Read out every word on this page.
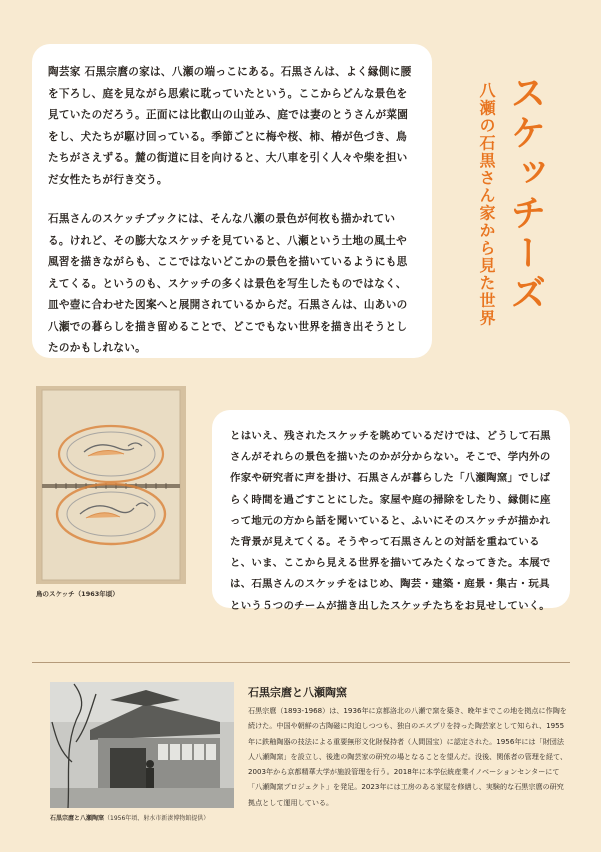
陶芸家 石黒宗麿の家は、八瀬の端っこにある。石黒さんは、よく縁側に腰を下ろし、庭を見ながら思索に耽っていたという。ここからどんな景色を見ていたのだろう。正面には比叡山の山並み、庭では妻のとうさんが菜園をし、犬たちが駆け回っている。季節ごとに梅や桜、柿、椿が色づき、鳥たちがさえずる。麓の街道に目を向けると、大八車を引く人々や柴を担いだ女性たちが行き交う。

石黒さんのスケッチブックには、そんな八瀬の景色が何枚も描かれている。けれど、その膨大なスケッチを見ていると、八瀬という土地の風土や風習を描きながらも、ここではないどこかの景色を描いているようにも思えてくる。というのも、スケッチの多くは景色を写生したものではなく、皿や壺に合わせた図案へと展開されているからだ。石黒さんは、山あいの八瀬での暮らしを描き留めることで、どこでもない世界を描き出そうとしたのかもしれない。

八瀬の石黒さん家から見た世界 スケッチーズ
鳥のスケッチ（1963年頃）

とはいえ、残されたスケッチを眺めているだけでは、どうして石黒さんがそれらの景色を描いたのかが分からない。そこで、学内外の作家や研究者に声を掛け、石黒さんが暮らした「八瀬陶窯」でしばらく時間を過ごすことにした。家屋や庭の掃除をしたり、縁側に座って地元の方から話を聞いていると、ふいにそのスケッチが描かれた背景が見えてくる。そうやって石黒さんとの対話を重ねていると、いま、ここから見える世界を描いてみたくなってきた。本展では、石黒さんのスケッチをはじめ、陶芸・建築・庭景・集古・玩具という５つのチームが描き出したスケッチたちをお見せしていく。

石黒宗麿と八瀬陶窯（1956年頃、射水市新湊博物館提供）
石黒宗麿と八瀬陶窯

石黒宗麿（1893-1968）は、1936年に京都洛北の八瀬で窯を築き、晩年までこの地を拠点に作陶を続けた。中国や朝鮮の古陶磁に肉迫しつつも、独自のエスプリを持った陶芸家として知られ、1955年に鉄釉陶器の技法による重要無形文化財保持者（人間国宝）に認定された。1956年には「財団法人八瀬陶窯」を設立し、後進の陶芸家の研究の場となることを望んだ。没後、関係者の管理を経て、2003年から京都精華大学が施設管理を行う。2018年に本学伝統産業イノベーションセンターにて「八瀬陶窯プロジェクト」を発足。2023年には工房のある家屋を修繕し、実験的な石黒宗麿の研究拠点として運用している。
